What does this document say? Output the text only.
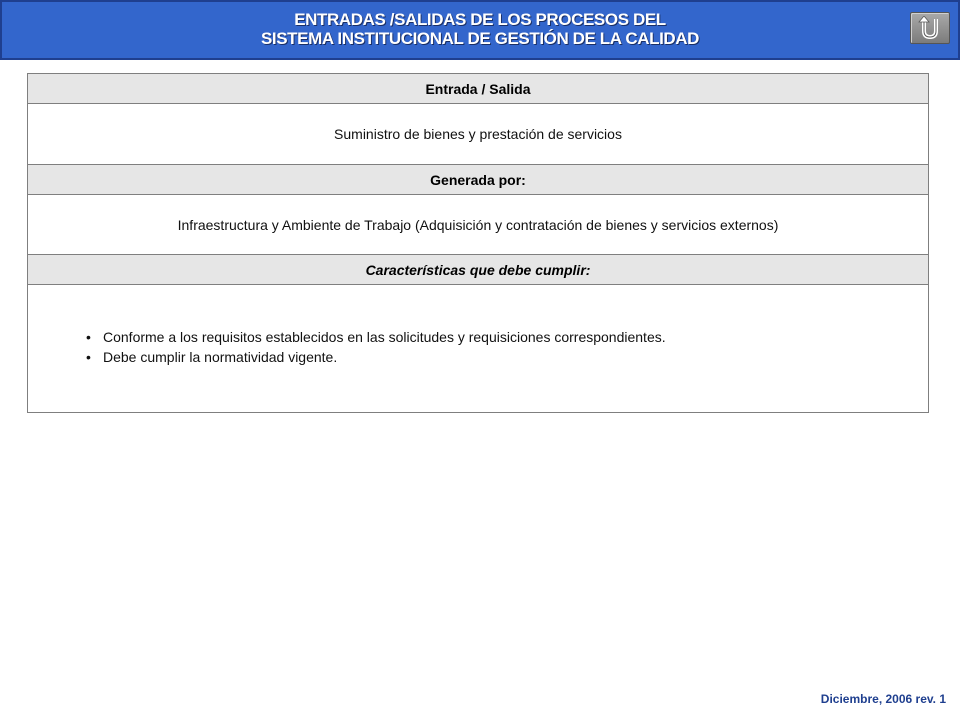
ENTRADAS /SALIDAS DE LOS PROCESOS DEL
SISTEMA INSTITUCIONAL DE GESTIÓN DE LA CALIDAD
Entrada / Salida
Suministro de bienes y prestación de servicios
Generada por:
Infraestructura y Ambiente de Trabajo (Adquisición y contratación de bienes y servicios externos)
Características que debe cumplir:
• Conforme a los requisitos establecidos en las solicitudes y requisiciones correspondientes.
• Debe cumplir la normatividad vigente.
Diciembre, 2006 rev. 1
